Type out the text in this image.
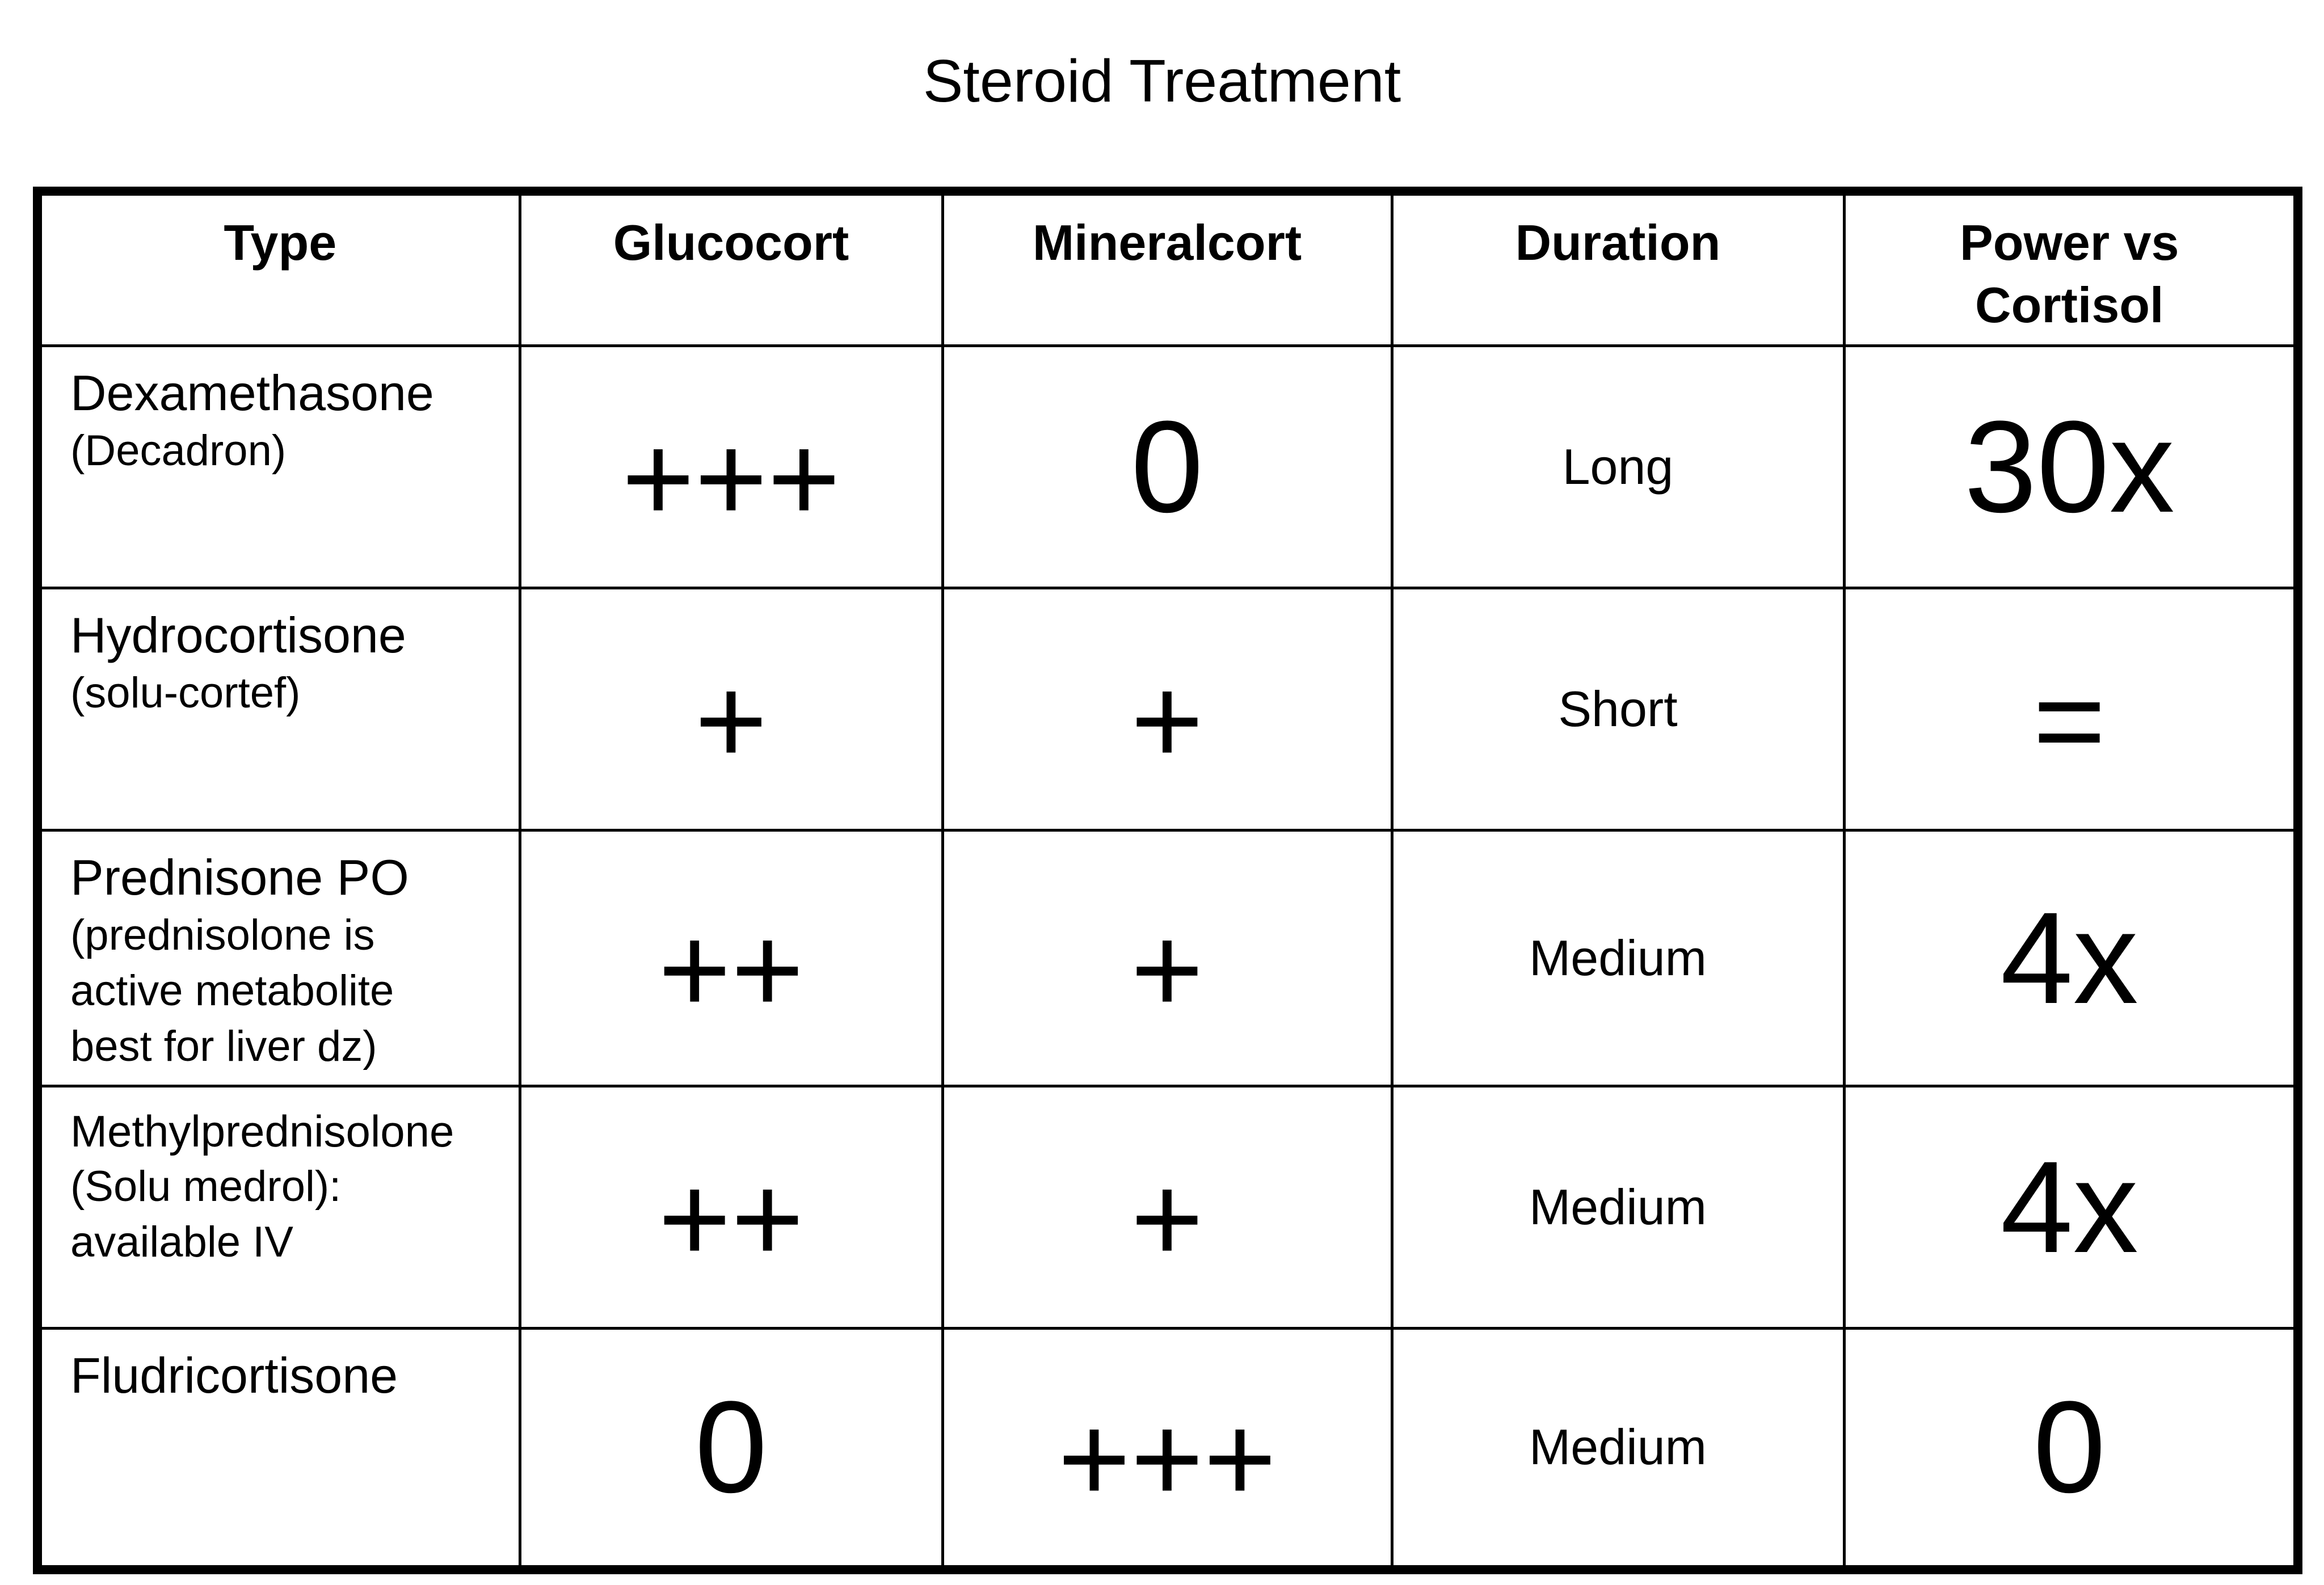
Steroid Treatment
Type	Glucocort	Mineralcort	Duration	Power vs
Cortisol

Dexamethasone
(Decadron)	+++	0	Long	30x

Hydrocortisone
(solu-cortef)	+	+	Short	=

Prednisone PO
(prednisolone is
active metabolite
best for liver dz)	++	+	Medium	4x

Methylprednisolone
(Solu medrol):
available IV	++	+	Medium	4x

Fludricortisone	0	+++	Medium	0
